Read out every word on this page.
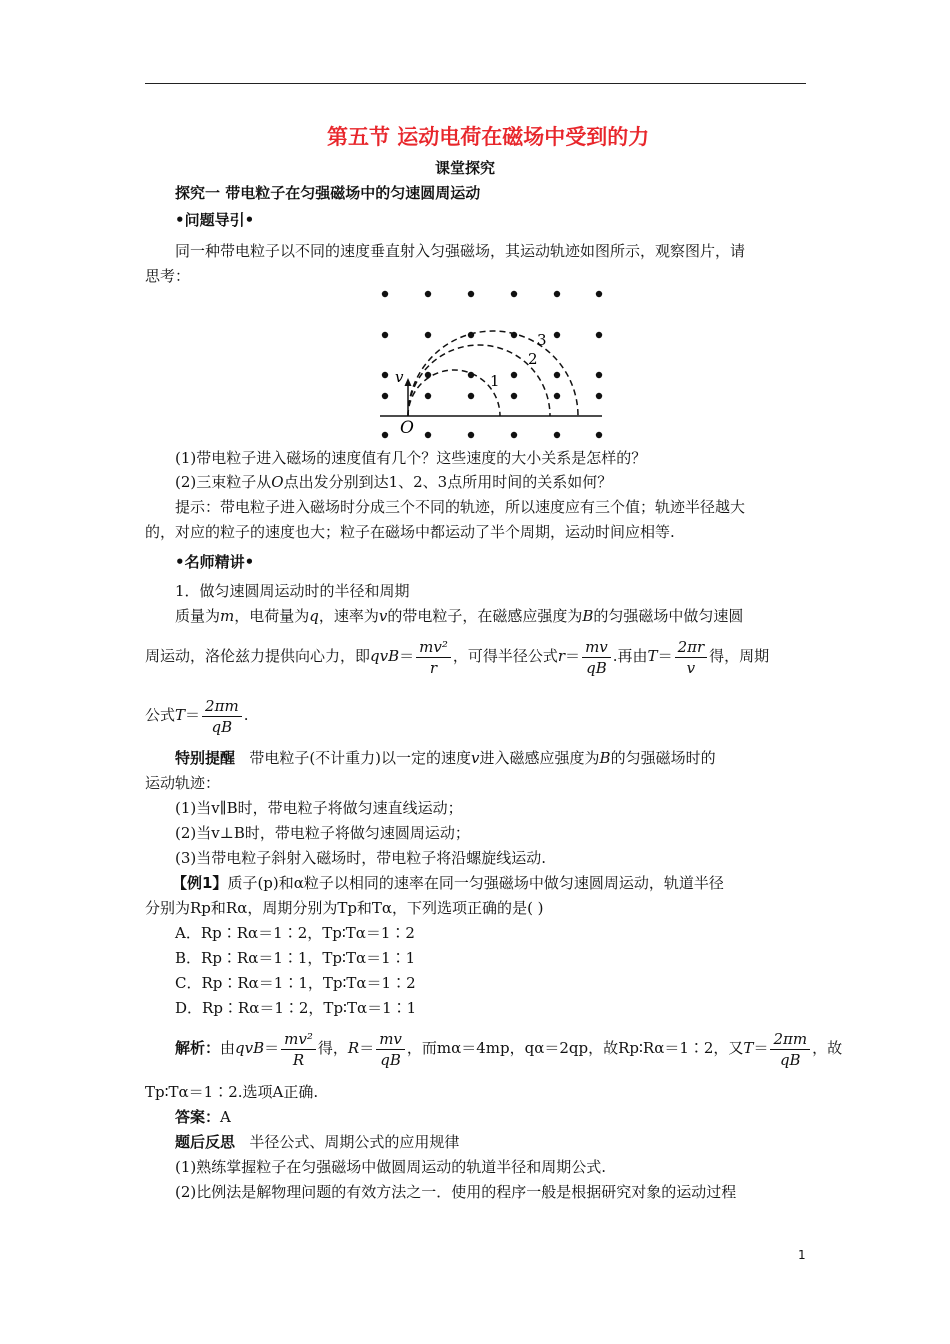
第五节 运动电荷在磁场中受到的力
课堂探究
探究一 带电粒子在匀强磁场中的匀速圆周运动
•问题导引•
同一种带电粒子以不同的速度垂直射入匀强磁场，其运动轨迹如图所示，观察图片，请
思考：
v
O
1
2
3
(1)带电粒子进入磁场的速度值有几个？这些速度的大小关系是怎样的？
(2)三束粒子从O点出发分别到达1、2、3点所用时间的关系如何？
提示：带电粒子进入磁场时分成三个不同的轨迹，所以速度应有三个值；轨迹半径越大
的，对应的粒子的速度也大；粒子在磁场中都运动了半个周期，运动时间应相等.
•名师精讲•
1．做匀速圆周运动时的半径和周期
质量为m，电荷量为q，速率为v的带电粒子，在磁感应强度为B的匀强磁场中做匀速圆
周运动，洛伦兹力提供向心力，即$qvB= \frac{\text{mv²}}{r}$ ，可得半径公式$r= \frac{mv}{qB}$ .再由$T= \frac{2\pi r}{v}$ 得，周期
公式$T= \frac{2\pi m}{qB}$ .
特别提醒 带电粒子(不计重力)以一定的速度v进入磁感应强度为B的匀强磁场时的
运动轨迹：
(1)当v∥B时，带电粒子将做匀速直线运动；
(2)当v⊥B时，带电粒子将做匀速圆周运动；
(3)当带电粒子斜射入磁场时，带电粒子将沿螺旋线运动.
【例1】质子(p)和α粒子以相同的速率在同一匀强磁场中做匀速圆周运动，轨道半径
分别为Rp和Rα，周期分别为Tp和Tα，下列选项正确的是( )
A．Rp∶Rα＝1∶2，Tp∶Tα＝1∶2
B．Rp∶Rα＝1∶1，Tp∶Tα＝1∶1
C．Rp∶Rα＝1∶1，Tp∶Tα＝1∶2
D．Rp∶Rα＝1∶2，Tp∶Tα＝1∶1
解析：由$qvB= \frac{\text{mv²}}{R}$ 得，$R= \frac{mv}{qB}$ ，而mα＝4mp，qα＝2qp，故Rp∶Rα＝1∶2，又$T= \frac{2\pi m}{qB}$ ，故
Tp∶Tα＝1∶2.选项A正确.
答案：A
题后反思 半径公式、周期公式的应用规律
(1)熟练掌握粒子在匀强磁场中做圆周运动的轨道半径和周期公式.
(2)比例法是解物理问题的有效方法之一．使用的程序一般是根据研究对象的运动过程
1
